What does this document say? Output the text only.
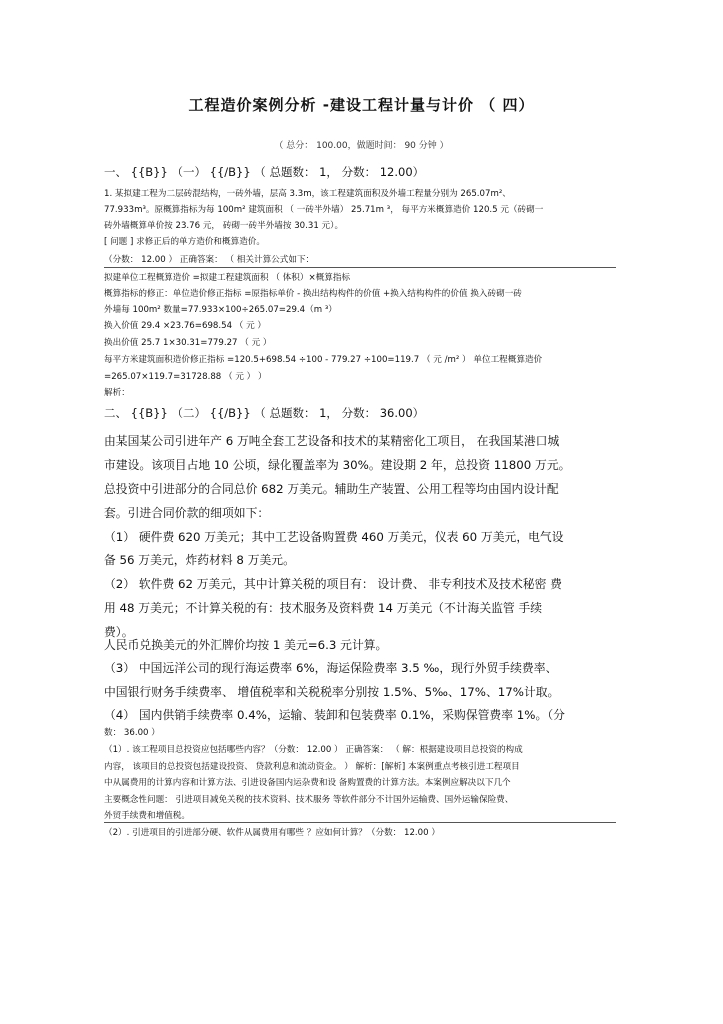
工程造价案例分析 -建设工程计量与计价 （ 四）
（ 总分： 100.00，做题时间： 90 分钟 ）
一、 {{B}} （一） {{/B}} （ 总题数： 1， 分数： 12.00）
1. 某拟建工程为二层砖混结构，一砖外墙，层高 3.3m，该工程建筑面积及外墙工程量分别为 265.07m²、
77.933m³。原概算指标为每 100m² 建筑面积 （ 一砖半外墙） 25.71m ³， 每平方米概算造价 120.5 元（砖砌一
砖外墙概算单价按 23.76 元， 砖砌一砖半外墙按 30.31 元）。
[ 问题 ] 求修正后的单方造价和概算造价。
（分数： 12.00 ） 正确答案： （ 相关计算公式如下：
拟建单位工程概算造价 =拟建工程建筑面积 （ 体积）×概算指标
概算指标的修正：单位造价修正指标 =原指标单价 - 换出结构构件的价值 +换入结构构件的价值 换入砖砌一砖
外墙每 100m² 数量=77.933×100÷265.07=29.4（m ³）
换入价值 29.4 ×23.76=698.54 （ 元 ）
换出价值 25.7 1×30.31=779.27 （ 元 ）
每平方米建筑面积造价修正指标 =120.5+698.54 ÷100 - 779.27 ÷100=119.7 （ 元 /m² ） 单位工程概算造价
=265.07×119.7=31728.88 （ 元 ） ）
解析：
二、 {{B}} （二） {{/B}} （ 总题数： 1， 分数： 36.00）
由某国某公司引进年产 6 万吨全套工艺设备和技术的某精密化工项目， 在我国某港口城
市建设。该项目占地 10 公顷，绿化覆盖率为 30%。建设期 2 年，总投资 11800 万元。
总投资中引进部分的合同总价 682 万美元。辅助生产装置、公用工程等均由国内设计配
套。引进合同价款的细项如下：
（1） 硬件费 620 万美元；其中工艺设备购置费 460 万美元，仪表 60 万美元，电气设
备 56 万美元，炸药材料 8 万美元。
（2） 软件费 62 万美元，其中计算关税的项目有： 设计费、 非专利技术及技术秘密 费
用 48 万美元；不计算关税的有：技术服务及资料费 14 万美元（不计海关监管 手续
费）。
人民币兑换美元的外汇牌价均按 1 美元=6.3 元计算。
（3） 中国远洋公司的现行海运费率 6%，海运保险费率 3.5 ‰，现行外贸手续费率、
中国银行财务手续费率、 增值税率和关税税率分别按 1.5%、5‰、17%、17%计取。
（4） 国内供销手续费率 0.4%，运输、装卸和包装费率 0.1%，采购保管费率 1%。（分
数： 36.00 ）
（1）. 该工程项目总投资应包括哪些内容？（分数： 12.00 ） 正确答案： （ 解：根据建设项目总投资的构成
内容， 该项目的总投资包括建设投资、 贷款利息和流动资金。 ） 解析：[解析] 本案例重点考核引进工程项目
中从属费用的计算内容和计算方法、引进设备国内运杂费和设 备购置费的计算方法。本案例应解决以下几个
主要概念性问题： 引进项目减免关税的技术资料、技术服务 等软件部分不计国外运输费、国外运输保险费、
外贸手续费和增值税。
（2）. 引进项目的引进部分硬、软件从属费用有哪些 ？应如何计算？（分数： 12.00 ）
